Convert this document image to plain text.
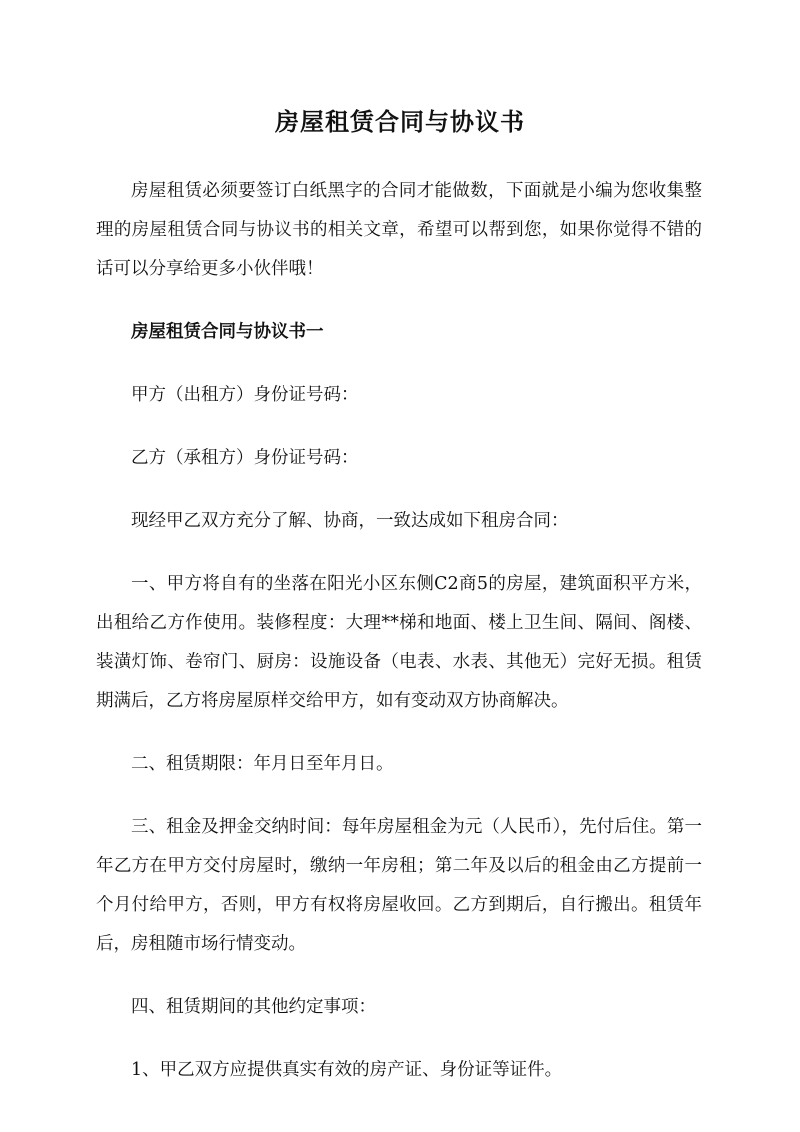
房屋租赁合同与协议书

房屋租赁必须要签订白纸黑字的合同才能做数，下面就是小编为您收集整理的房屋租赁合同与协议书的相关文章，希望可以帮到您，如果你觉得不错的话可以分享给更多小伙伴哦！

房屋租赁合同与协议书一

甲方（出租方）身份证号码：

乙方（承租方）身份证号码：

现经甲乙双方充分了解、协商，一致达成如下租房合同：

一、甲方将自有的坐落在阳光小区东侧C2商5的房屋，建筑面积平方米，出租给乙方作使用。装修程度：大理**梯和地面、楼上卫生间、隔间、阁楼、装潢灯饰、卷帘门、厨房：设施设备（电表、水表、其他无）完好无损。租赁期满后，乙方将房屋原样交给甲方，如有变动双方协商解决。

二、租赁期限：年月日至年月日。

三、租金及押金交纳时间：每年房屋租金为元（人民币），先付后住。第一年乙方在甲方交付房屋时，缴纳一年房租；第二年及以后的租金由乙方提前一个月付给甲方，否则，甲方有权将房屋收回。乙方到期后，自行搬出。租赁年后，房租随市场行情变动。

四、租赁期间的其他约定事项：

1、甲乙双方应提供真实有效的房产证、身份证等证件。
